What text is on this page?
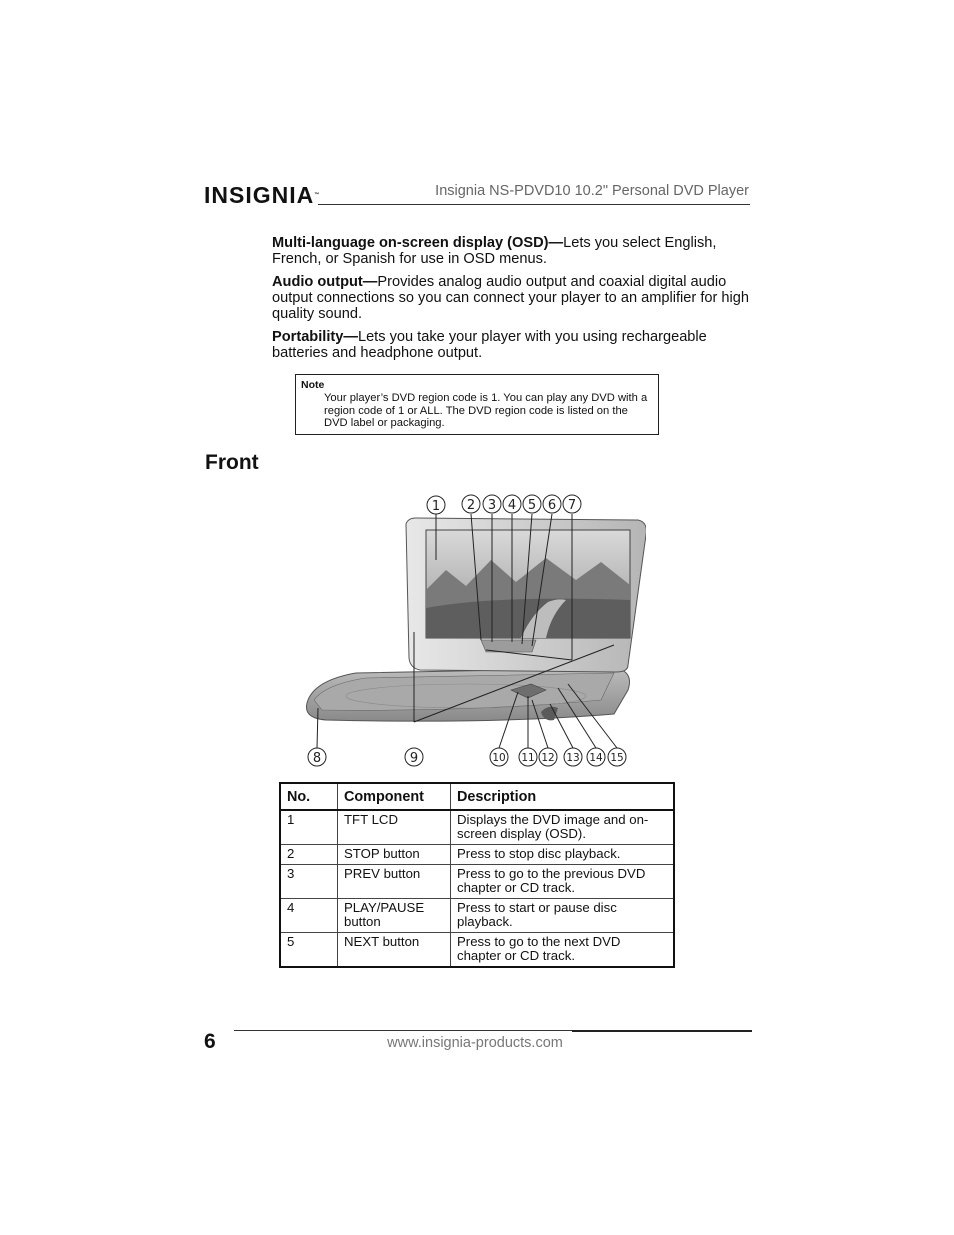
INSIGNIA™	Insignia NS-PDVD10 10.2" Personal DVD Player
Multi-language on-screen display (OSD)—Lets you select English, French, or Spanish for use in OSD menus.
Audio output—Provides analog audio output and coaxial digital audio output connections so you can connect your player to an amplifier for high quality sound.
Portability—Lets you take your player with you using rechargeable batteries and headphone output.
Note
Your player’s DVD region code is 1. You can play any DVD with a region code of 1 or ALL. The DVD region code is listed on the DVD label or packaging.
Front
1 2 3 4 5 6 7
8	9	10 11 12 13 14 15
No.	Component	Description
1	TFT LCD	Displays the DVD image and on-screen display (OSD).
2	STOP button	Press to stop disc playback.
3	PREV button	Press to go to the previous DVD chapter or CD track.
4	PLAY/PAUSE button	Press to start or pause disc playback.
5	NEXT button	Press to go to the next DVD chapter or CD track.
6	www.insignia-products.com
